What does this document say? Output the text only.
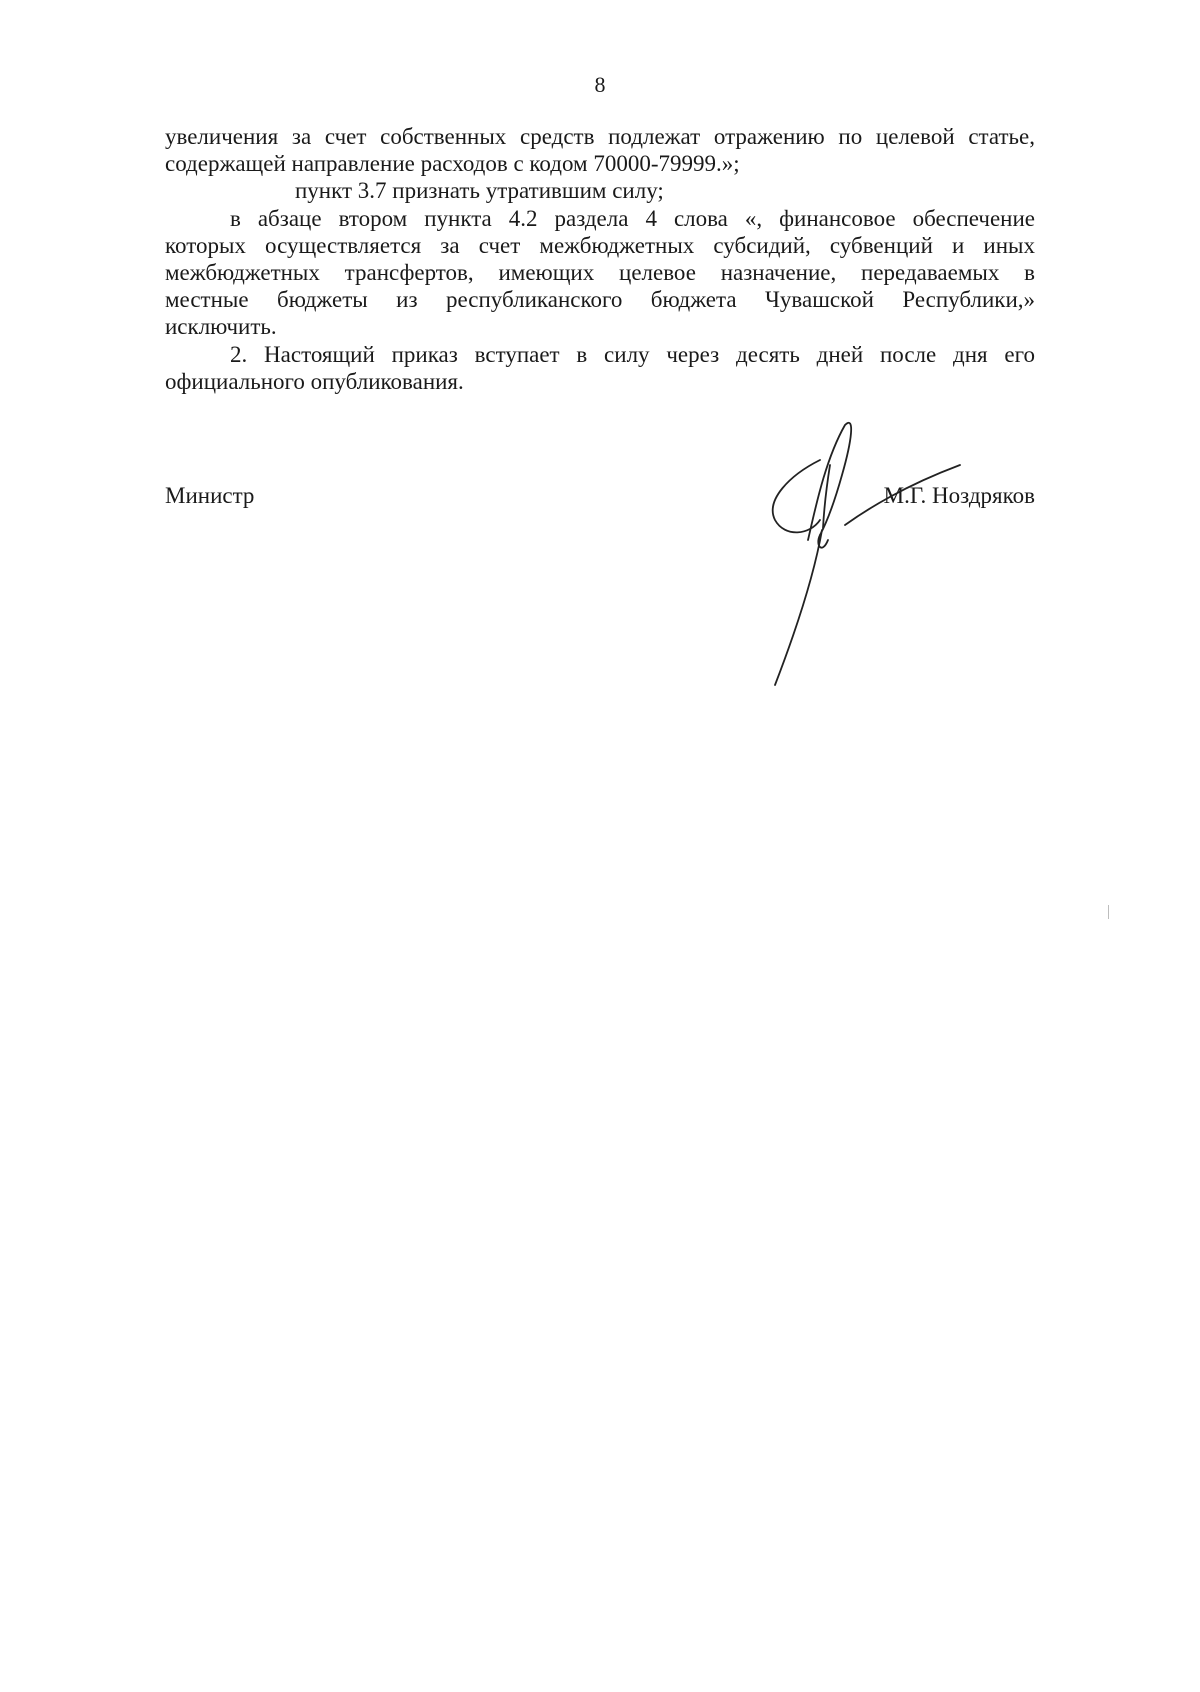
8

увеличения за счет собственных средств подлежат отражению по целевой статье,
содержащей направление расходов с кодом 70000-79999.»;

пункт 3.7 признать утратившим силу;

в абзаце втором пункта 4.2 раздела 4 слова «, финансовое обеспечение
которых осуществляется за счет межбюджетных субсидий, субвенций и иных
межбюджетных трансфертов, имеющих целевое назначение, передаваемых в
местные бюджеты из республиканского бюджета Чувашской Республики,»
исключить.

2. Настоящий приказ вступает в силу через десять дней после дня его
официального опубликования.

Министр	М.Г. Ноздряков
